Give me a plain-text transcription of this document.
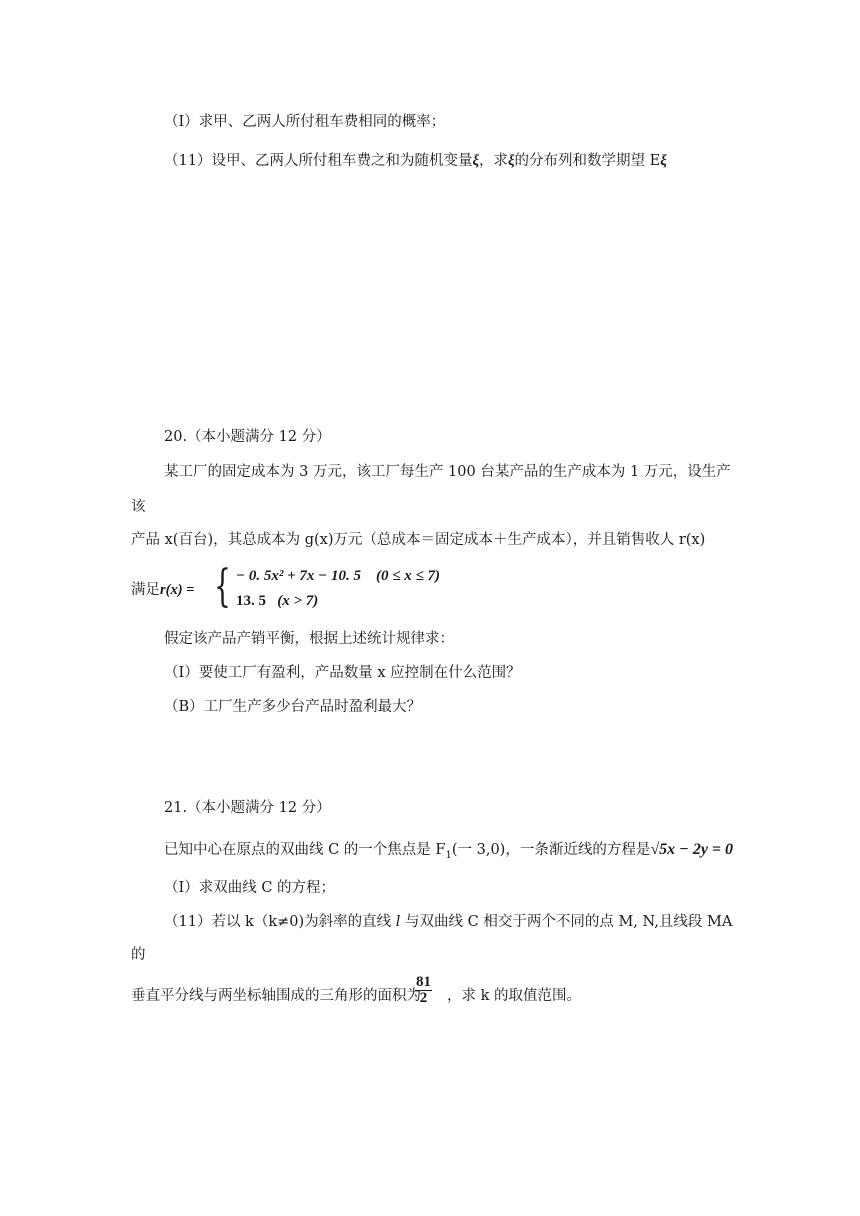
（I）求甲、乙两人所付租车费相同的概率；
（11）设甲、乙两人所付租车费之和为随机变量ξ，求ξ的分布列和数学期望 Eξ
20.（本小题满分 12 分）
某工厂的固定成本为 3 万元，该工厂每生产 100 台某产品的生产成本为 1 万元，设生产
该
产品 x(百台)，其总成本为 g(x)万元（总成本＝固定成本＋生产成本），并且销售收人 r(x)
满足r(x) = { − 0. 5x² + 7x − 10. 5 (0 ≤ x ≤ 7)
13. 5 (x > 7)
假定该产品产销平衡，根据上述统计规律求：
（I）要使工厂有盈利，产品数量 x 应控制在什么范围？
（B）工厂生产多少台产品时盈利最大？
21.（本小题满分 12 分）
已知中心在原点的双曲线 C 的一个焦点是 $F_1$(一 3,0)，一条渐近线的方程是√5x − 2y = 0
（I）求双曲线 C 的方程；
（11）若以 k（k≠0)为斜率的直线 l 与双曲线 C 相交于两个不同的点 M, N,且线段 MA
的
垂直平分线与两坐标轴围成的三角形的面积为 ，求 k 的取值范围。
$\frac{81}{2}$
